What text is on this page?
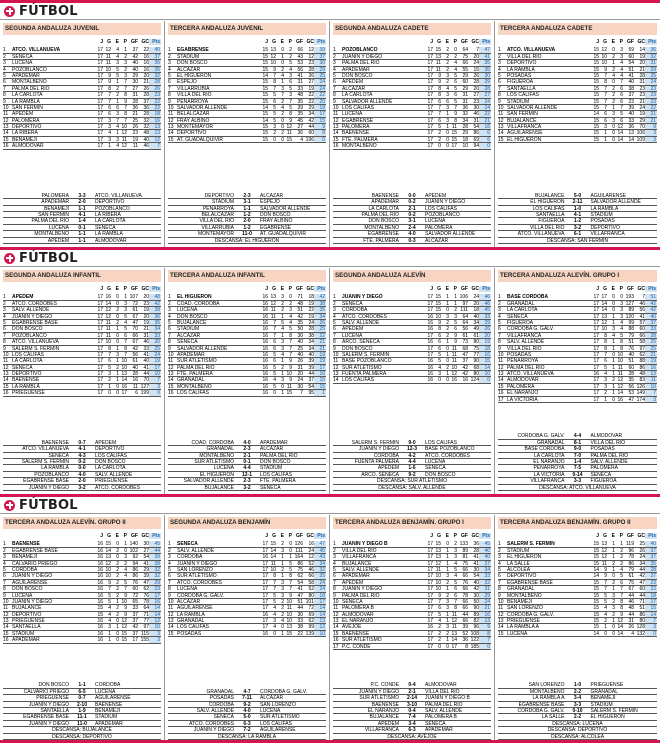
FÚTBOL
SEGUNDA ANDALUZA JUVENIL
J G E P GF GC Pts
1	ATCO. VILLANUEVA	17 12	4	1	37	22	40
2	SÉNECA	17 11	4	2	42	16	37
3	LUCENA	17 11	3	3	40	16	36
4	POZOBLANCO	17 10	5	2	40	16	35
5	APADEMAR	17	9	5	3	29	20	32
6	MONTALBEÑO	17	9	1	7	30	21	28
7	PALMA DEL RÍO	17	8	2	7	27	26	26
8	LA CARLOTA	17	7	2	8	31	28	23
9	LA RAMBLA	17	7	1	9	28	37	22
10 SAN FERMÍN	17	6	6	7	36	36	22
11 APEDEM	17	6	3	8	21	28	18
12 PALOMERA	17	3	7	7	25	32	16
13 DEPORTIVO	17	3	4 10	26	32	13
14 LA RIBERA	17	4	1 12	23	48	13
15 BENAMEJÍ	17	3	3 11	19	40	12
16 ALMODÓVAR	17	1	4 12	11	46	7
PALOMERA	3-3	ATCO. VILLANUEVA
APADEMAR	2-0	DEPORTIVO
BENAMEJÍ	1-1	POZOBLANCO
SAN FERMÍN	4-1	LA RIBERA
PALMA DEL RÍO	1-4	LA CARLOTA
LUCENA	0-1	SÉNECA
MONTALBEÑO	1-1	LA RAMBLA
APEDEM	1-1	ALMODÓVAR
TERCERA ANDALUZA JUVENIL
J G E P GF GC Pts
1	EGABRENSE	15 13	0	2	66	12	39
2	STADIUM	15 12	1	2	43	12	37
3	DON BOSCO	15 10	0	5	53	23	30
4	ALCÁZAR	15	9	2	4	56	28	29
5	EL HIGUERÓN	14	7	4	3	41	26	25
6	ESPEJO	15	8	1	6	31	27	24
7	VILLARRUBIA	15	7	3	5	33	19	24
8	VILLA DEL RÍO	15	5	7	3	48	22	22
9	PEÑARROYA	15	6	2	7	35	22	20
10 SALVADOR ALLENDE	14	5	4	5	39	29	19
11 BELALCÁZAR	15	5	2	8	35	34	17
12 FRAY ALBINO	14	5	0	9	45	42	15
13 MONTEMAYOR	15	3	0 12	27	44	9
14 DEPORTIVO	15	2	2 11	36	60	8
15 AT. GUADALQUIVIR	15	0	0 15	4 196	0
DEPORTIVO	2-3	ALCÁZAR
STADIUM	3-1	ESPEJO
PEÑARROYA	1-1	SALVADOR ALLENDE
BELALCÁZAR	1-2	DON BOSCO
VILLA DEL RÍO	2-0	FRAY ALBINO
VILLARRUBIA	1-2	EGABRENSE
MONTEMAYOR	11-0	AT. GUADALQUIVIR
DESCANSA: EL HIGUERÓN
SEGUNDA ANDALUZA CADETE
J G E P GF GC Pts
1	POZOBLANCO	17 15	2	0	64	7	47
2	JUANÍN Y DIEGO	17 13	2	2	75	20	41
3	PALMA DEL RÍO	17 11	2	4	66	24	35
4	APADEMAR	17 11	2	4	55	15	35
5	DON BOSCO	17	9	3	5	29	26	30
6	APEDEM	17	9	2	6	60	28	29
7	ALCÁZAR	17	8	4	5	29	20	28
8	LA CARLOTA	17	8	3	6	31	27	27
9	SALVADOR ALLENDE	17	6	6	5	31	23	24
10 LOS CALIFAS	17	7	3	7	36	30	24
11 LUCENA	17	7	1	9	32	46	22
12 EGABRENSE	17	6	3	8	34	31	21
13 PALOMERA	17	5	1 11	28	54	16
14 BAENENSE	17	2	0 15	29	86	6
15 FTE. PALMERA	17	2	0 15	18	69	6
16 MONTALBEÑO	17	0	0 17	10	94	0
BAENENSE	0-0	APEDEM
APADEMAR	0-2	JUANÍN Y DIEGO
LA CARLOTA	2-1	LOS CALIFAS
PALMA DEL RÍO	0-2	POZOBLANCO
DON BOSCO	3-1	LUCENA
MONTALBEÑO	2-4	PALOMERA
EGABRENSE	4-0	SALVADOR ALLENDE
FTE. PALMERA	0-3	ALCÁZAR
TERCERA ANDALUZA CADETE
J G E P GF GC Pts
1	ATCO. VILLANUEVA	15 12	0	3	59	14	36
2	VILLA DEL RÍO	15 10	2	3	60	19	32
3	DEPORTIVO	15 10	1	4	54	20	31
4	LA RAMBLA	15	9	2	4	51	21	29
5	POSADAS	15	7	4	4	41	28	25
6	FIGUEROA	15	8	0	7	40	31	24
7	SANTAELLA	15	7	2	6	38	23	23
8	LOS CALIFAS	15	7	2	6	37	23	23
9	STADIUM	15	7	2	6	23	21	23
10 SALVADOR ALLENDE	15	7	1	7	39	24	22
11 SAN FERMÍN	14	6	3	5	40	19	21
12 BUJALANCE	15	6	3	6	33	29	21
13 VILLAFRANCA	15	3	0 12	36	70	9
14 AGUILARENSE	15	1	0 14	13 106	3
15 EL HIGUERÓN	15	1	0 14	14 109	3
BUJALANCE	5-0	AGUILARENSE
EL HIGUERÓN	2-11	SALVADOR ALLENDE
LOS CALIFAS	1-0	LA RAMBLA
SANTAELLA	4-1	STADIUM
FIGUEROA	1-2	POSADAS
VILLA DEL RÍO	3-2	DEPORTIVO
ATCO. VILLANUEVA	6-1	VILLAFRANCA
DESCANSA: SAN FERMÍN
FÚTBOL
SEGUNDA ANDALUZA INFANTIL
J G E P GF GC Pts
1	APEDEM	17 16	0	1 107	20	48
2	ATCO. CORDOBÉS	17 14	0	3	72	23	42
3	SALV. ALLENDE	17 12	2	3	61	19	38
4	JUANÍN Y DIEGO	17 12	0	5	67	20	36
5	EGABRENSE BASE	17 11	2	4	47	19	35
6	DON BOSCO	17 11	1	5	70	21	34
7	POZOBLANCO	17 11	0	6	66	31	33
8	ATCO. VILLANUEVA	17 10	0	7	67	46	30
9	SALERM S. FERMÍN	17	8	1	8	42	33	25
10 LOS CALIFAS	17	7	3	7	56	41	24
11 LA CARLOTA	17	6	1 10	61	40	19
12 SÉNECA	17	5	2 10	40	41	17
13 DEPORTIVO	17	3	1 13	28	44	10
14 BAENENSE	17	2	1 14	16	70	7
15 LA RAMBLA	17	1	0 16	11 127	3
16 PRIEGUENSE	17	0	0 17	6 199	0
BAENENSE	0-7	APEDEM
ATCO. VILLANUEVA	4-1	DEPORTIVO
SÉNECA	4-3	LOS CALIFAS
SALERM S. FERMÍN	0-2	DON BOSCO
LA RAMBLA	0-0	LA CARLOTA
POZOBLANCO	4-0	SALV. ALLENDE
EGABRENSE BASE	2-0	PRIEGUENSE
JUANÍN Y DIEGO	3-2	ATCO. CORDOBÉS
TERCERA ANDALUZA INFANTIL
J G E P GF GC Pts
1	EL HIGUERÓN	16 13	3	0	71	18	42
2	COAD. CÓRDOBA	16 12	2	2	48	19	38
3	LUCENA	16 11	2	3	51	22	35
4	DON BOSCO	16 11	1	4	42	19	34
5	BUJALANCE	16	7	5	4	35	24	26
6	STADIUM	16	7	4	5	50	28	25
7	ALCÁZAR	16	7	1	8	30	38	22
8	SÉNECA	16	6	3	7	40	34	21
9	SALVADOR ALLENDE	16	6	3	7	25	34	21
10 APADEMAR	16	5	4	7	40	40	19
11 SUR ATLETISMO	16	6	1	9	26	39	19
12 PALMA DEL RÍO	16	5	2	9	31	39	17
13 FTE. PALMERA	16	5	1 10	20	44	16
14 GRANADAL	16	4	3	9	24	37	15
15 MONTALBEÑO	16	5	0 11	30	54	15
16 LOS CALIFAS	16	0	1 15	7	95	1
COAD. CÓRDOBA	4-0	APADEMAR
GRANADAL	2-3	ALCÁZAR
MONTALBEÑO	2-1	PALMA DEL RÍO
SUR ATLETISMO	0-1	DON BOSCO
LUCENA	4-4	STADIUM
EL HIGUERÓN	12-1	LOS CALIFAS
SALVADOR ALLENDE	2-3	FTE. PALMERA
BUJALANCE	3-2	SÉNECA
SEGUNDA ANDALUZA ALEVÍN
J G E P GF GC Pts
1	JUANÍN Y DIEGO	17 15	1	1 106	24	46
2	SÉNECA	17 15	1	1	97	20	46
3	CÓRDOBA	17 15	0	2 111	18	45
4	ATCO. CORDOBÉS	16 10	3	3	64	40	33
5	SALV. ALLENDE	16	9	2	5	64	34	29
6	APEDEM	16	8	2	6	56	49	26
7	LUCENA	17	6	2	9	61	61	20
8	ARCO. SÉNECA	16	6	1	9	73	80	19
9	DON BOSCO	17	6	0 11	68	75	18
10 SALERM S. FERMÍN	17	5	1 11	47	77	16
11 BASE POZOBLANCO	16	5	0 11	37	90	15
12 SUR ATLETISMO	16	4	2 10	42	68	14
13 FUENTA PALMERA	16	3	1 12	42	80	10
14 LOS CALIFAS	16	0	0 16	16 124	0
SALERM S. FERMÍN	9-0	LOS CALIFAS
JUANÍN Y DIEGO	12-3	BASE POZOBLANCO
CÓRDOBA	4-2	ATCO. CORDOBÉS
FUENTA PALMERA	4-4	LUCENA
APEDEM	1-6	SÉNECA
ARCO. SÉNECA	9-2	DON BOSCO
DESCANSA: SUR ATLETISMO
DESCANSA: SALV. ALLENDE
TERCERA ANDALUZA ALEVÍN. GRUPO I
J G E P GF GC Pts
1	BASE CÓRDOBA	17 17	0	0 193	7	51
2	GRANADAL	17 14	0	3 127	46	42
3	LA CARLOTA	17 14	0	3	89	56	42
4	SÉNECA	17 13	1	3 120	41	40
5	FIGUEROA	17 12	1	4	99	57	37
6	CÓRDOBA G. GALV.	17 10	3	4	88	60	33
7	VILLAFRANCA	17	8	4	5	79	66	28
8	SALV. ALLENDE	17	8	1	8	51	58	25
9	VILLA DEL RÍO	17	8	1	8	76	97	25
10 POSADAS	17	7	0 10	40	62	21
11 PEÑARROYA	17	6	1 10	51	88	19
12 PALMA DEL RÍO	17	5	1 11	60	86	16
13 ATCO. VILLANUEVA	16	4	1 11	28	48	13
14 ALMODÓVAR	17	3	2 12	35	83	11
15 PALOMERA	17	3	1 12	56 126	10
16 EL NARANJO	17	2	1 14	53 149	7
17 LA VICTORIA	17	1	0 16	47 174	3
CÓRDOBA G. GALV.	4-4	ALMODÓVAR
GRANADAL	8-1	VILLA DEL RÍO
BASE CÓRDOBA	9-0	POSADAS
LA CARLOTA	7-0	PALMA DEL RÍO
EL NARANJO	1-4	SALV. ALLENDE
PEÑARROYA	7-5	PALOMERA
LA VICTORIA	0-14	SÉNECA
VILLAFRANCA	3-3	FIGUEROA
DESCANSA: ATCO. VILLANUEVA
FÚTBOL
TERCERA ANDALUZA ALEVÍN. GRUPO II
J G E P GF GC Pts
1	BAENENSE	16 15	0	1 140	30	45
2	EGABRENSE BASE	16 14	2	0 102	27	44
3	BENAMEJÍ	16 13	0	3	92	54	39
4	CALVARIO PRIEGO	16 12	2	2	94	41	38
5	CÓRDOBA	16 10	2	4	86	29	32
6	JUANÍN Y DIEGO	16 10	2	4	86	39	32
7	AGUILARENSE	16	9	2	5	76	47	29
8	DON BOSCO	16	7	2	7	60	62	23
9	LUCENA	16	5	2	9	72	76	17
10 JUANÍN Y DIEGO	16	5	1 10	65	78	16
11 BUJALANCE	15	4	2	9	33	64	14
12 DEPORTIVO	15	4	2	9	37	71	14
13 PRIEGUENSE	16	4	0 12	37	77	12
14 SANTAELLA	16	3	1 12	42	97	10
15 STADIUM	16	1	0 15	37 115	3
16 APADEMAR	16	1	0 15	17 155	3
DON BOSCO	1-1	CÓRDOBA
CALVARIO PRIEGO	6-5	LUCENA
PRIEGUENSE	0-7	AGUILARENSE
JUANÍN Y DIEGO	2-10	BAENENSE
SANTAELLA	1-9	BENAMEJÍ
EGABRENSE BASE	11-1	STADIUM
JUANÍN Y DIEGO	11-0	APADEMAR
DESCANSA: BUJALANCE
DESCANSA: DEPORTIVO
SEGUNDA ANDALUZA BENJAMÍN
J G E P GF GC Pts
1	SÉNECA	17 15	2	0 126	16	47
2	SALV. ALLENDE	17 14	3	0 111	24	45
3	CÓRDOBA	16 14	1	1 164	12	43
4	JUANÍN Y DIEGO	17 11	1	5	86	52	34
5	SAN LORENZO	17 10	2	5	75	46	32
6	SUR ATLETISMO	17	8	1	8	62	66	25
7	ATCO. CORDOBÉS	17	7	3	7	54	58	24
8	LUCENA	17	7	3	7	41	52	24
9	CÓRDOBA G. GALV.	17	5	3	9	47	80	18
10 ALCÁZAR	17	5	2 10	51 101	17
11 AGUILARENSE	17	4	2 11	44	72	14
12 LA RAMBLA	16	4	2 10	30	69	14
13 GRANADAL	17	3	4 10	33	62	13
14 LOS CALIFAS	17	4	0 13	38	99	12
15 POSADAS	16	0	1 15	22 139	10
GRANADAL	4-7	CÓRDOBA G. GALV.
POSADAS	7-11	ALCÁZAR
CÓRDOBA	9-2	SAN LORENZO
SALV. ALLENDE	4-0	LUCENA
SÉNECA	5-0	SUR ATLETISMO
ATCO. CORDOBÉS	6-3	LOS CALIFAS
JUANÍN Y DIEGO	7-2	AGUILARENSE
DESCANSA: LA RAMBLA
TERCERA ANDALUZA BENJAMÍN. GRUPO I
J G E P GF GC Pts
1	JUANÍN Y DIEGO B	17 15	0	2 133	36	45
2	VILLA DEL RÍO	17 13	1	3	89	28	40
3	VILLAFRANCA	17 13	1	3	81	41	40
4	BUJALANCE	17 12	1	4	75	41	37
5	SALV. ALLENDE	17 11	1	5	66	30	34
6	APADEMAR	17 10	3	4	66	54	33
7	APEDEM	17 10	2	5	76	40	32
8	JUANÍN Y DIEGO	17 10	1	6	66	42	31
9	PALMA DEL RÍO	17	9	2	6	78	30	29
10 SÉNECA	17	7	3	7	66	50	24
11 PALOMERA B	17	6	3	8	66	90	21
12 ALMODÓVAR	17	5	1 11	44	89	16
13 EL NARANJO	17	4	1 12	66	82	13
14 AVEJOE	16	2	3 11	39	96	9
15 BAENENSE	17	2	2 13	52 108	8
16 SUR ATLETISMO	17	2	1 14	36 122	7
17 P.C. CONDE	17	0	0 17	8 185	0
P.C. CONDE	0-4	ALMODÓVAR
JUANÍN Y DIEGO	2-1	VILLA DEL RÍO
SUR ATLETISMO	2-14	JUANÍN Y DIEGO B
BAENENSE	3-10	PALMA DEL RÍO
EL NARANJO	0-4	SALV. ALLENDE
BUJALANCE	7-4	PALOMERA B
APEDEM	3-4	SÉNECA
VILLAFRANCA	6-3	APADEMAR
DESCANSA: AVEJOE
TERCERA ANDALUZA BENJAMÍN. GRUPO II
J G E P GF GC Pts
1	SALERM S. FERMÍN	15 13	1	1 119	25	40
2	STADIUM	15 12	1	2	96	26	37
3	EL HIGUERÓN	15 12	1	2	78	24	37
4	LA SALLE	15 11	2	2	86	34	35
5	ALCOLEA	14	9	1	4	79	44	28
6	DEPORTIVO	14	9	0	5	61	42	27
7	EGABRENSE BASE	15	7	2	6	75	47	23
8	GRANADAL	15	7	1	7	67	60	22
9	MONTALBEÑO	15	5	3	7	44	44	18
10 BENAMEJÍ	15	5	2	8	46	71	17
11 SAN LORENZO	15	4	3	8	48	51	15
12 CÓRDOBA G. GALV.	15	4	2	9	44	86	14
13 PRIEGUENSE	15	2	1 12	31	80	7
14 LA RAMBLA A	15	1	0 14	26 128	3
15 LUCENA	14	0	0 14	4 132	0
SAN LORENZO	1-0	PRIEGUENSE
MONTALBEÑO	2-2	GRANADAL
LA RAMBLA A	3-4	BENAMEJÍ
EGABRENSE BASE	3-3	STADIUM
CÓRDOBA G. GALV.	0-10	SALERM S. FERMÍN
LA SALLE	2-2	EL HIGUERÓN
DESCANSA: LUCENA
DESCANSA: DEPORTIVO
DESCANSA: ALCOLEA
